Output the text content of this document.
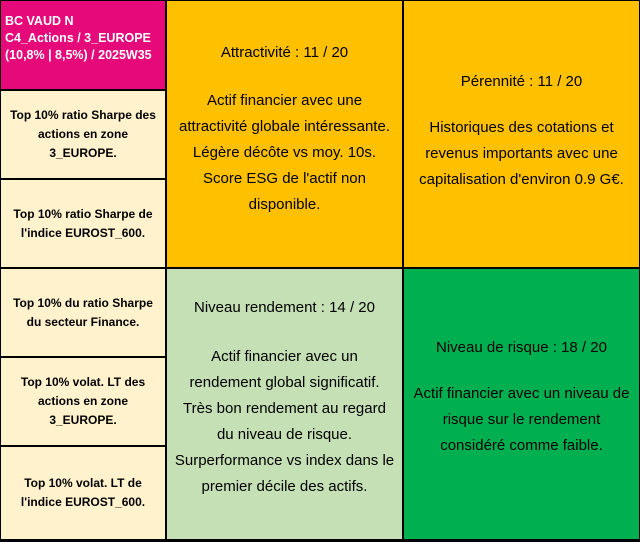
BC VAUD N
C4_Actions / 3_EUROPE
(10,8% | 8,5%) / 2025W35
Top 10% ratio Sharpe des actions en zone 3_EUROPE.
Top 10% ratio Sharpe de l'indice EUROST_600.
Top 10% du ratio Sharpe du secteur Finance.
Top 10% volat. LT des actions en zone 3_EUROPE.
Top 10% volat. LT de l'indice EUROST_600.
Attractivité : 11 / 20
Actif financier avec une
attractivité globale intéressante.
Légère décôte vs moy. 10s.
Score ESG de l'actif non
disponible.
Pérennité : 11 / 20
Historiques des cotations et
revenus importants avec une
capitalisation d'environ 0.9 G€.
Niveau rendement : 14 / 20
Actif financier avec un
rendement global significatif.
Très bon rendement au regard
du niveau de risque.
Surperformance vs index dans le
premier décile des actifs.
Niveau de risque : 18 / 20
Actif financier avec un niveau de
risque sur le rendement
considéré comme faible.
